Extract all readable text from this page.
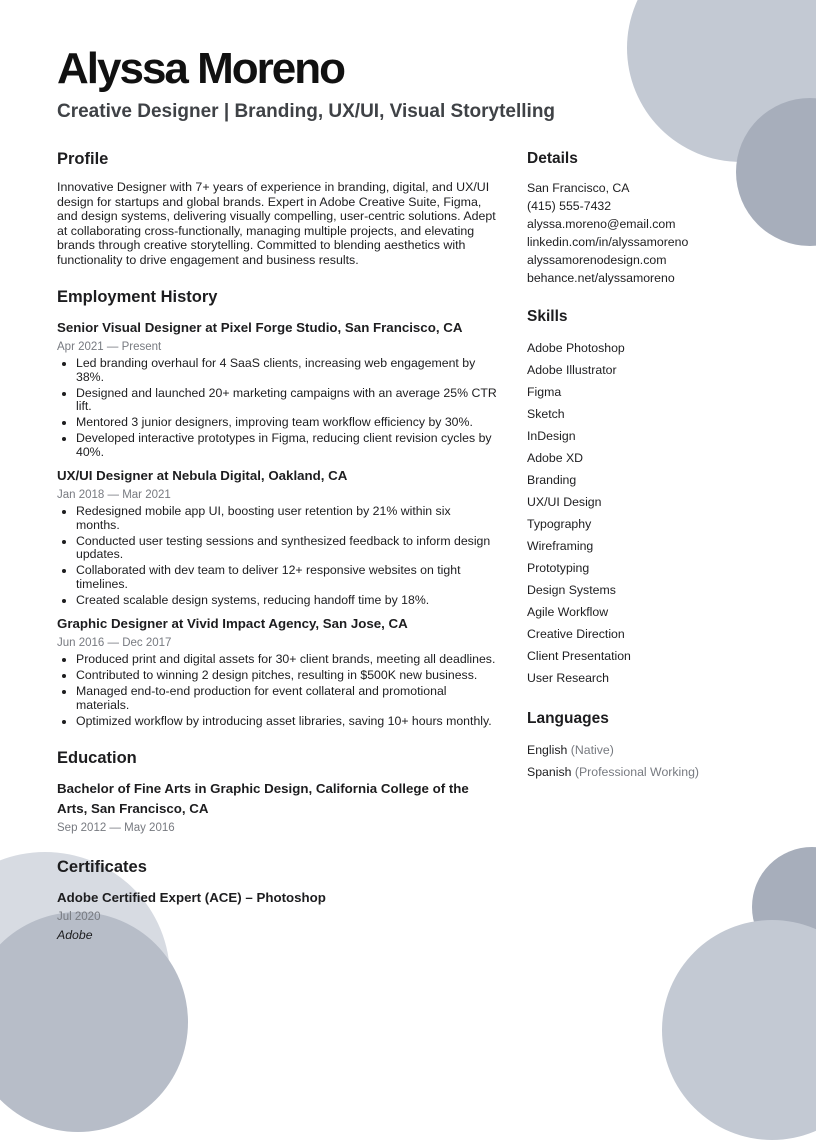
Alyssa Moreno

Creative Designer | Branding, UX/UI, Visual Storytelling

Profile

Innovative Designer with 7+ years of experience in branding, digital, and UX/UI design for startups and global brands. Expert in Adobe Creative Suite, Figma, and design systems, delivering visually compelling, user-centric solutions. Adept at collaborating cross-functionally, managing multiple projects, and elevating brands through creative storytelling. Committed to blending aesthetics with functionality to drive engagement and business results.

Employment History

Senior Visual Designer at Pixel Forge Studio, San Francisco, CA

Apr 2021 — Present

• Led branding overhaul for 4 SaaS clients, increasing web engagement by 38%.
• Designed and launched 20+ marketing campaigns with an average 25% CTR lift.
• Mentored 3 junior designers, improving team workflow efficiency by 30%.
• Developed interactive prototypes in Figma, reducing client revision cycles by 40%.

UX/UI Designer at Nebula Digital, Oakland, CA

Jan 2018 — Mar 2021

• Redesigned mobile app UI, boosting user retention by 21% within six months.
• Conducted user testing sessions and synthesized feedback to inform design updates.
• Collaborated with dev team to deliver 12+ responsive websites on tight timelines.
• Created scalable design systems, reducing handoff time by 18%.

Graphic Designer at Vivid Impact Agency, San Jose, CA

Jun 2016 — Dec 2017

• Produced print and digital assets for 30+ client brands, meeting all deadlines.
• Contributed to winning 2 design pitches, resulting in $500K new business.
• Managed end-to-end production for event collateral and promotional materials.
• Optimized workflow by introducing asset libraries, saving 10+ hours monthly.
Education

Bachelor of Fine Arts in Graphic Design, California College of the Arts, San Francisco, CA

Sep 2012 — May 2016

Certificates

Adobe Certified Expert (ACE) – Photoshop

Jul 2020

Adobe

Details

San Francisco, CA

(415) 555-7432

alyssa.moreno@email.com

linkedin.com/in/alyssamoreno

alyssamorenodesign.com

behance.net/alyssamoreno

Skills

Adobe Photoshop

Adobe Illustrator

Figma

Sketch

InDesign

Adobe XD

Branding

UX/UI Design

Typography

Wireframing

Prototyping

Design Systems

Agile Workflow

Creative Direction

Client Presentation

User Research

Languages

English (Native)

Spanish (Professional Working)
